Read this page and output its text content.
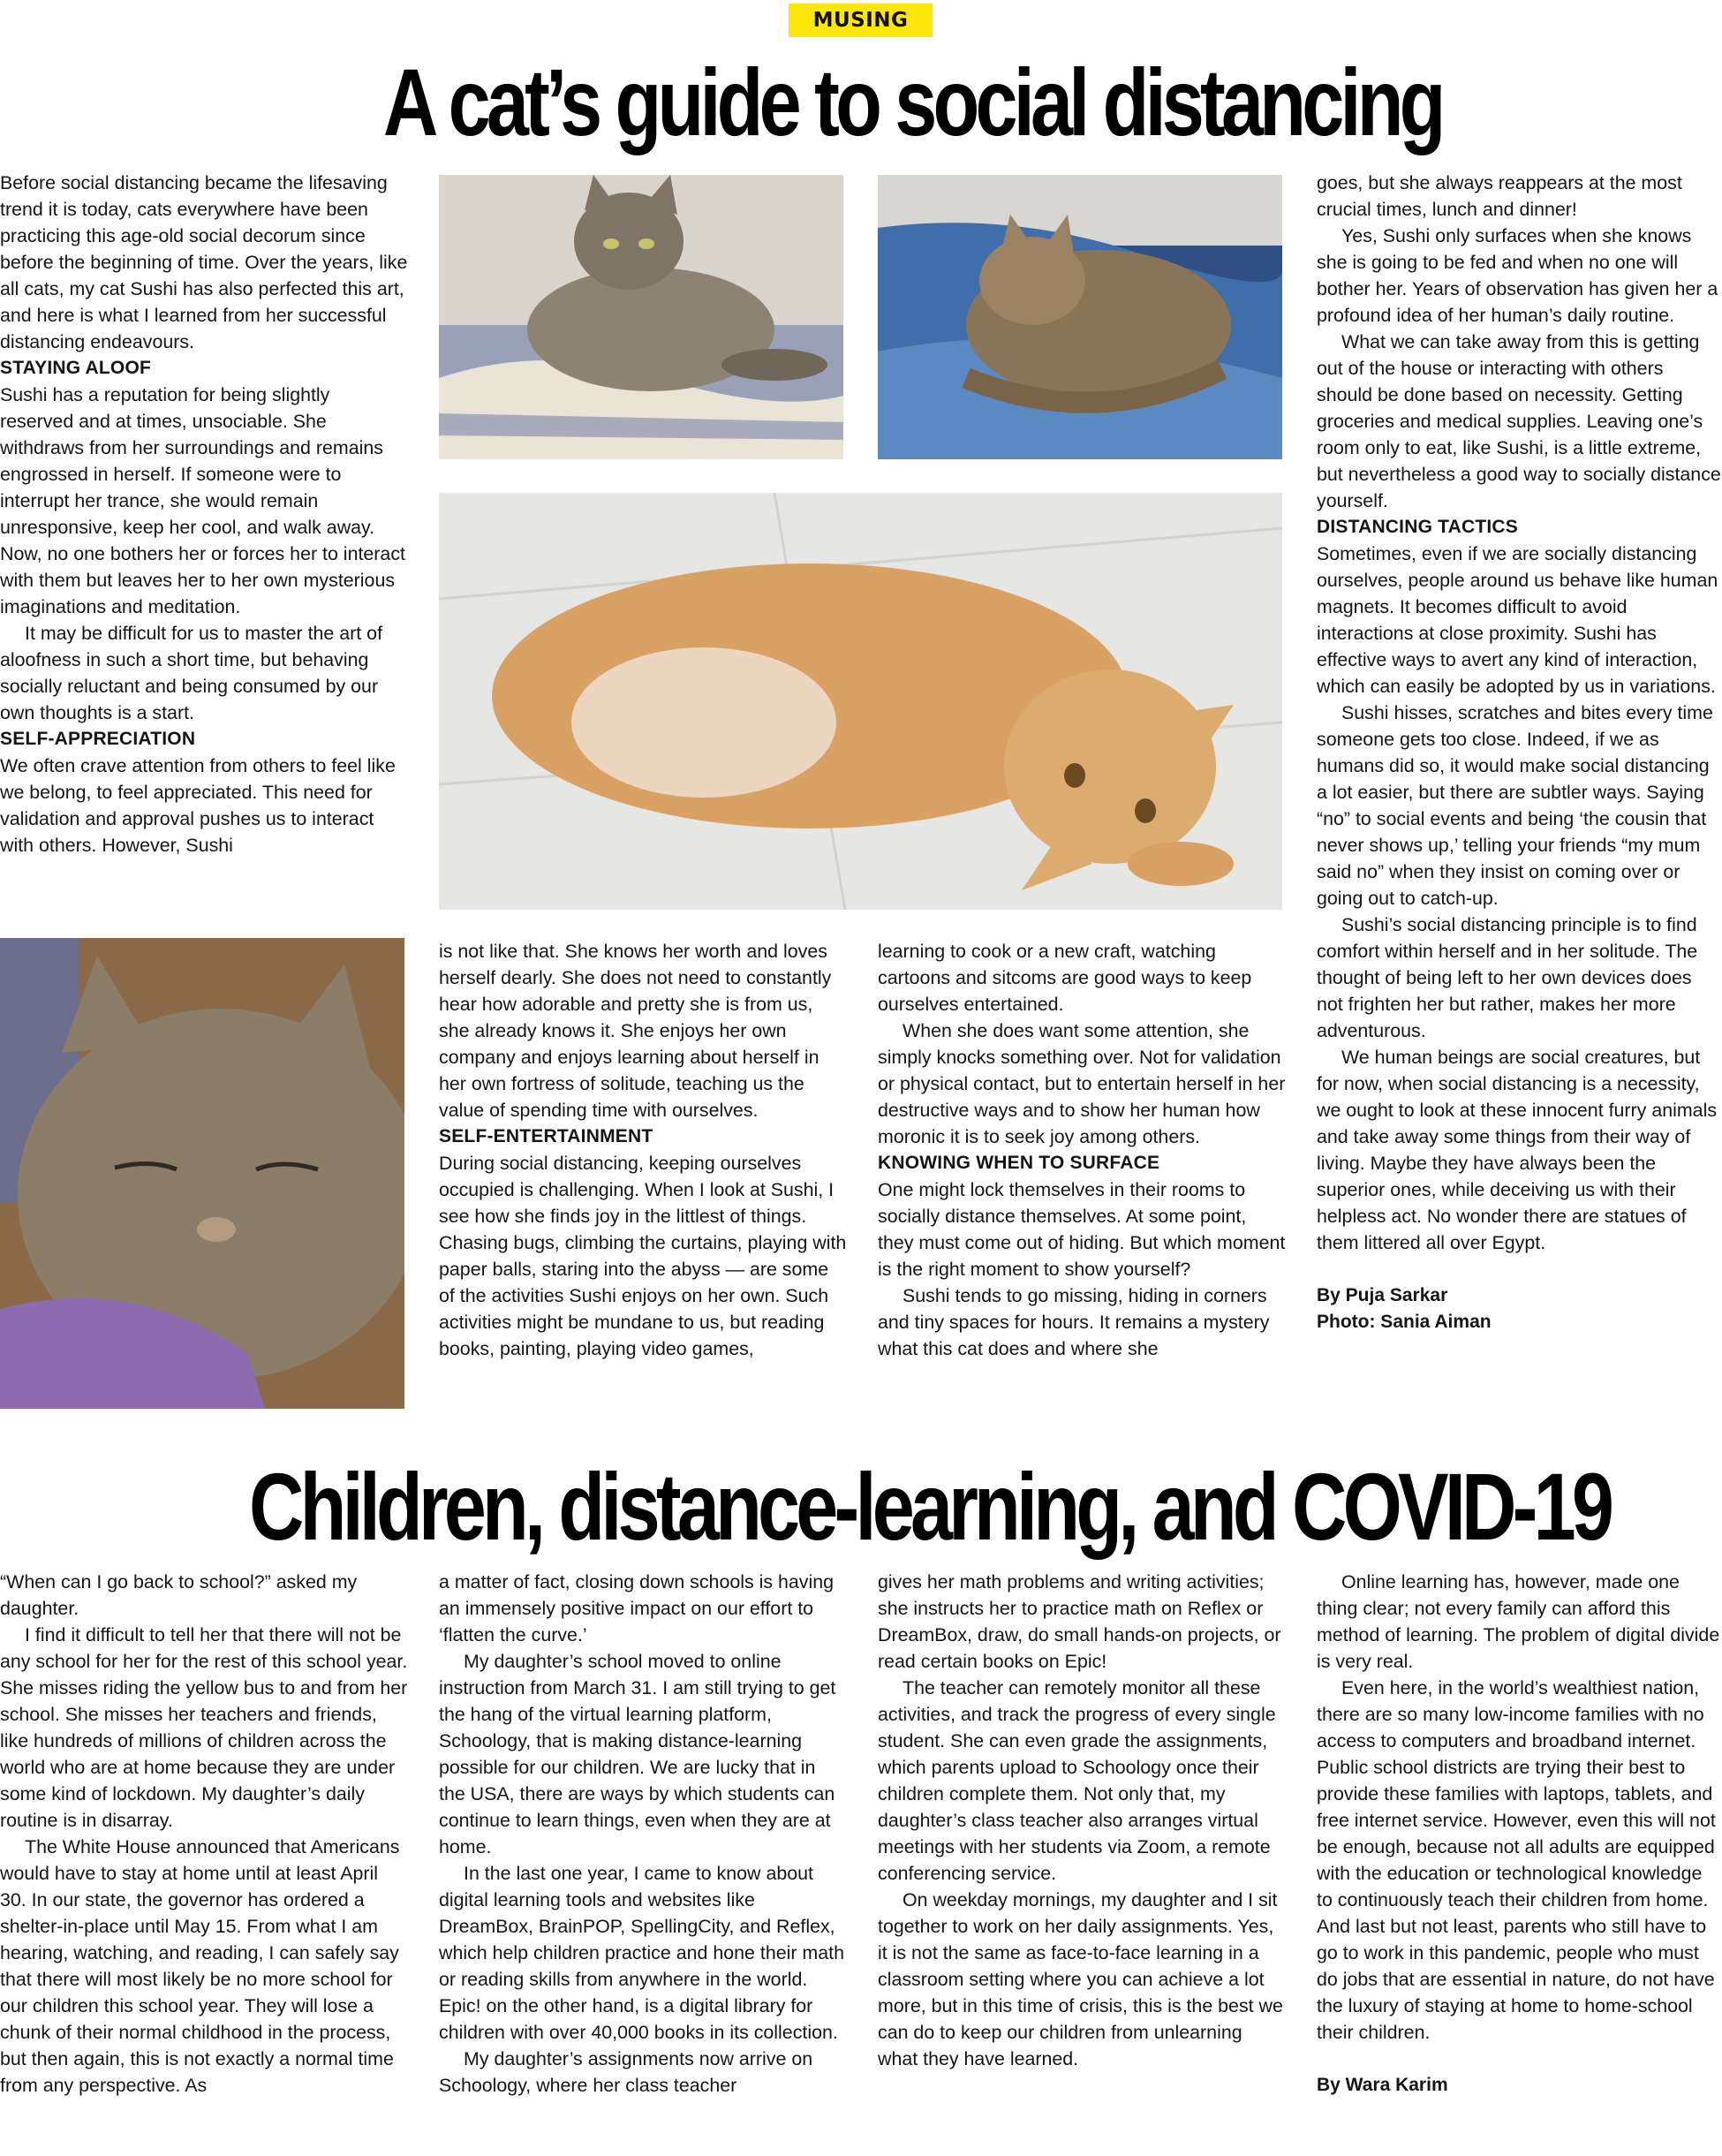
MUSING
A cat’s guide to social distancing

Before social distancing became the lifesaving trend it is today, cats everywhere have been practicing this age-old social decorum since before the beginning of time. Over the years, like all cats, my cat Sushi has also perfected this art, and here is what I learned from her successful distancing endeavours.

STAYING ALOOF

Sushi has a reputation for being slightly reserved and at times, unsociable. She withdraws from her surroundings and remains engrossed in herself. If someone were to interrupt her trance, she would remain unresponsive, keep her cool, and walk away. Now, no one bothers her or forces her to interact with them but leaves her to her own mysterious imaginations and meditation.

It may be difficult for us to master the art of aloofness in such a short time, but behaving socially reluctant and being consumed by our own thoughts is a start.

SELF-APPRECIATION

We often crave attention from others to feel like we belong, to feel appreciated. This need for validation and approval pushes us to interact with others. However, Sushi

is not like that. She knows her worth and loves herself dearly. She does not need to constantly hear how adorable and pretty she is from us, she already knows it. She enjoys her own company and enjoys learning about herself in her own fortress of solitude, teaching us the value of spending time with ourselves.

SELF-ENTERTAINMENT

During social distancing, keeping ourselves occupied is challenging. When I look at Sushi, I see how she finds joy in the littlest of things. Chasing bugs, climbing the curtains, playing with paper balls, staring into the abyss — are some of the activities Sushi enjoys on her own. Such activities might be mundane to us, but reading books, painting, playing video games,

learning to cook or a new craft, watching cartoons and sitcoms are good ways to keep ourselves entertained.

When she does want some attention, she simply knocks something over. Not for validation or physical contact, but to entertain herself in her destructive ways and to show her human how moronic it is to seek joy among others.

KNOWING WHEN TO SURFACE

One might lock themselves in their rooms to socially distance themselves. At some point, they must come out of hiding. But which moment is the right moment to show yourself?

Sushi tends to go missing, hiding in corners and tiny spaces for hours. It remains a mystery what this cat does and where she

goes, but she always reappears at the most crucial times, lunch and dinner!

Yes, Sushi only surfaces when she knows she is going to be fed and when no one will bother her. Years of observation has given her a profound idea of her human’s daily routine.

What we can take away from this is getting out of the house or interacting with others should be done based on necessity. Getting groceries and medical supplies. Leaving one’s room only to eat, like Sushi, is a little extreme, but nevertheless a good way to socially distance yourself.

DISTANCING TACTICS

Sometimes, even if we are socially distancing ourselves, people around us behave like human magnets. It becomes difficult to avoid interactions at close proximity. Sushi has effective ways to avert any kind of interaction, which can easily be adopted by us in variations.

Sushi hisses, scratches and bites every time someone gets too close. Indeed, if we as humans did so, it would make social distancing a lot easier, but there are subtler ways. Saying “no” to social events and being ‘the cousin that never shows up,’ telling your friends “my mum said no” when they insist on coming over or going out to catch-up.

Sushi’s social distancing principle is to find comfort within herself and in her solitude. The thought of being left to her own devices does not frighten her but rather, makes her more adventurous.

We human beings are social creatures, but for now, when social distancing is a necessity, we ought to look at these innocent furry animals and take away some things from their way of living. Maybe they have always been the superior ones, while deceiving us with their helpless act. No wonder there are statues of them littered all over Egypt.

By Puja Sarkar
Photo: Sania Aiman
Children, distance-learning, and COVID-19

“When can I go back to school?” asked my daughter.

I find it difficult to tell her that there will not be any school for her for the rest of this school year. She misses riding the yellow bus to and from her school. She misses her teachers and friends, like hundreds of millions of children across the world who are at home because they are under some kind of lockdown. My daughter’s daily routine is in disarray.

The White House announced that Americans would have to stay at home until at least April 30. In our state, the governor has ordered a shelter-in-place until May 15. From what I am hearing, watching, and reading, I can safely say that there will most likely be no more school for our children this school year. They will lose a chunk of their normal childhood in the process, but then again, this is not exactly a normal time from any perspective. As

a matter of fact, closing down schools is having an immensely positive impact on our effort to ‘flatten the curve.’

My daughter’s school moved to online instruction from March 31. I am still trying to get the hang of the virtual learning platform, Schoology, that is making distance-learning possible for our children. We are lucky that in the USA, there are ways by which students can continue to learn things, even when they are at home.

In the last one year, I came to know about digital learning tools and websites like DreamBox, BrainPOP, SpellingCity, and Reflex, which help children practice and hone their math or reading skills from anywhere in the world. Epic! on the other hand, is a digital library for children with over 40,000 books in its collection.

My daughter’s assignments now arrive on Schoology, where her class teacher

gives her math problems and writing activities; she instructs her to practice math on Reflex or DreamBox, draw, do small hands-on projects, or read certain books on Epic!

The teacher can remotely monitor all these activities, and track the progress of every single student. She can even grade the assignments, which parents upload to Schoology once their children complete them. Not only that, my daughter’s class teacher also arranges virtual meetings with her students via Zoom, a remote conferencing service.

On weekday mornings, my daughter and I sit together to work on her daily assignments. Yes, it is not the same as face-to-face learning in a classroom setting where you can achieve a lot more, but in this time of crisis, this is the best we can do to keep our children from unlearning what they have learned.

Online learning has, however, made one thing clear; not every family can afford this method of learning. The problem of digital divide is very real.

Even here, in the world’s wealthiest nation, there are so many low-income families with no access to computers and broadband internet. Public school districts are trying their best to provide these families with laptops, tablets, and free internet service. However, even this will not be enough, because not all adults are equipped with the education or technological knowledge to continuously teach their children from home. And last but not least, parents who still have to go to work in this pandemic, people who must do jobs that are essential in nature, do not have the luxury of staying at home to home-school their children.

By Wara Karim
